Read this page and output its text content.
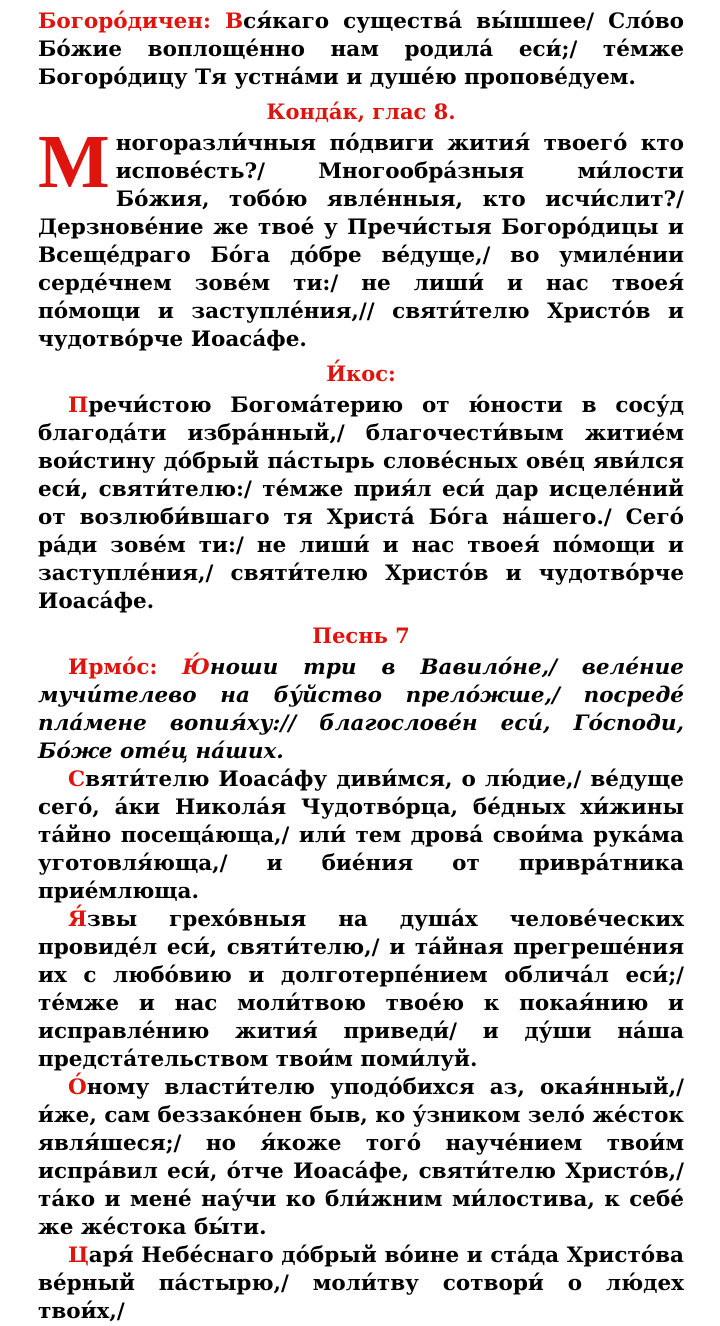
Богоро́дичен: Вся́каго существа́ вы́шшее/ Сло́во Бо́жие воплоще́нно нам родила́ еси́;/ те́мже Богоро́дицу Тя устна́ми и душе́ю пропове́дуем.

Конда́к, глас 8.

Многоразли́чныя по́двиги жития́ твоего́ кто испове́сть?/ Многообра́зныя ми́лости Бо́жия, тобо́ю явле́нныя, кто исчи́слит?/ Дерзнове́ние же твое́ у Пречи́стыя Богоро́дицы и Всеще́драго Бо́га до́бре ве́дуще,/ во умиле́нии серде́чнем зове́м ти:/ не лиши́ и нас твоея́ по́мощи и заступле́ния,// святи́телю Христо́в и чудотво́рче Иоаса́фе.

И́кос:

Пречи́стою Богома́терию от ю́ности в сосу́д благода́ти избра́нный,/ благочести́вым житие́м вои́стину до́брый па́стырь слове́сных ове́ц яви́лся еси́, святи́телю:/ те́мже прия́л еси́ дар исцеле́ний от возлюби́вшаго тя Христа́ Бо́га на́шего./ Сего́ ра́ди зове́м ти:/ не лиши́ и нас твоея́ по́мощи и заступле́ния,/ святи́телю Христо́в и чудотво́рче Иоаса́фе.

Песнь 7

Ирмо́с: Ю́ноши три в Вавило́не,/ веле́ние мучи́телево на бу́йство прело́жше,/ посреде́ пла́мене вопия́ху:// благослове́н еси́, Го́споди, Бо́же оте́ц на́ших.

Святи́телю Иоаса́фу диви́мся, о лю́дие,/ ве́дуще сего́, а́ки Никола́я Чудотво́рца, бе́дных хи́жины та́йно посеща́юща,/ или́ тем дрова́ свои́ма рука́ма уготовля́юща,/ и бие́ния от приврáтника прие́млюща.

Я́звы грехо́вныя на душа́х челове́ческих провиде́л еси́, святи́телю,/ и та́йная прегреше́ния их с любо́вию и долготерпе́нием облича́л еси́;/ те́мже и нас моли́твою твое́ю к покая́нию и исправле́нию жития́ приведи́/ и ду́ши на́ша предста́тельством твои́м поми́луй.

О́ному власти́телю уподо́бихся аз, окая́нный,/ и́же, сам беззако́нен быв, ко у́зником зело́ же́сток явля́шеся;/ но я́коже того́ науче́нием твои́м испра́вил еси́, о́тче Иоаса́фе, святи́телю Христо́в,/ та́ко и мене́ нау́чи ко бли́жним ми́лостива, к себе́ же же́стока бы́ти.

Царя́ Небе́снаго до́брый во́ине и ста́да Христо́ва ве́рный па́стырю,/ моли́тву сотвори́ о лю́дех твои́х,/
